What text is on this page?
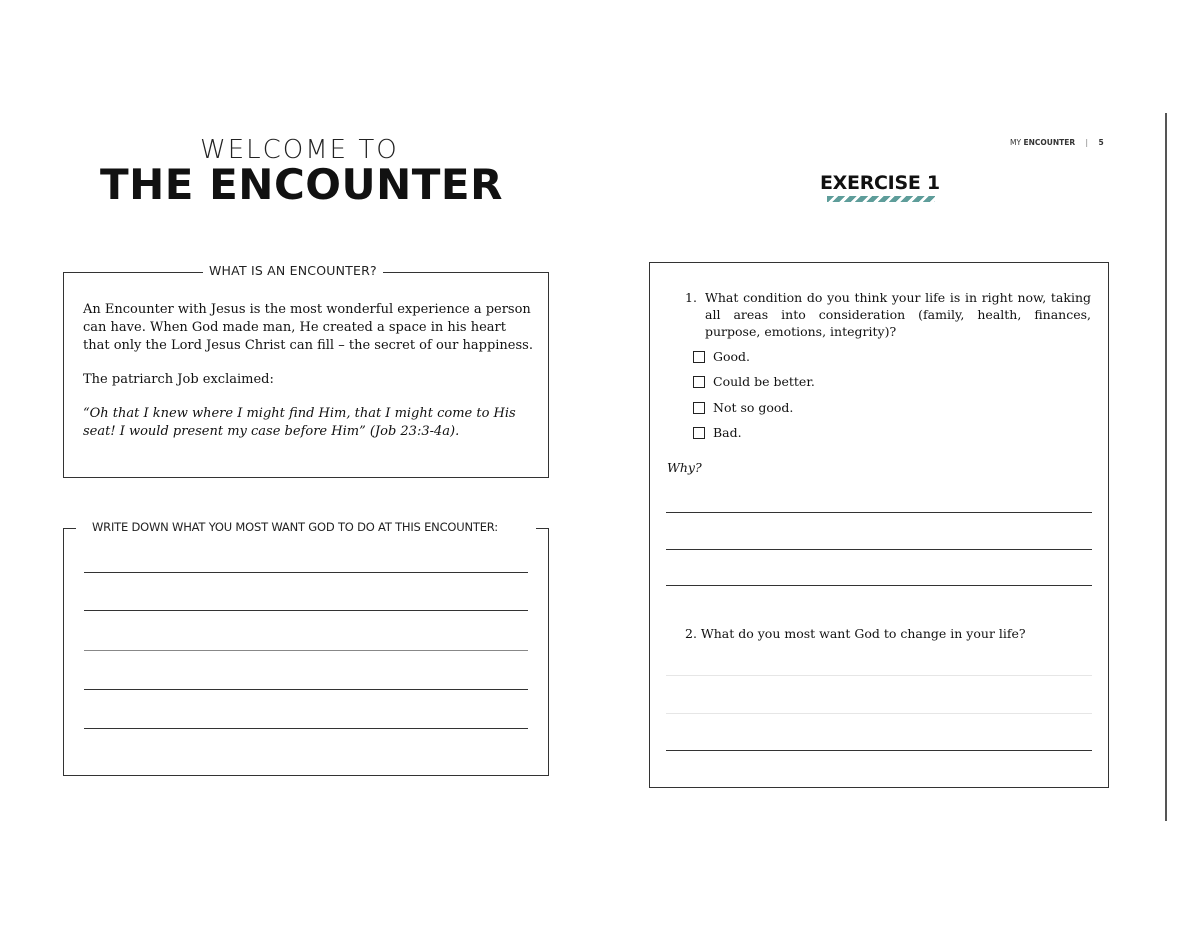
WELCOME TO
THE ENCOUNTER
WHAT IS AN ENCOUNTER?

An Encounter with Jesus is the most wonderful experience a person can have. When God made man, He created a space in his heart that only the Lord Jesus Christ can fill – the secret of our happiness.

The patriarch Job exclaimed:

“Oh that I knew where I might find Him, that I might come to His seat! I would present my case before Him” (Job 23:3-4a).

WRITE DOWN WHAT YOU MOST WANT GOD TO DO AT THIS ENCOUNTER:
MY ENCOUNTER | 5
EXERCISE 1
1. What condition do you think your life is in right now, taking all areas into consideration (family, health, finances, purpose, emotions, integrity)?
Good.
Could be better.
Not so good.
Bad.
Why?
2. What do you most want God to change in your life?
